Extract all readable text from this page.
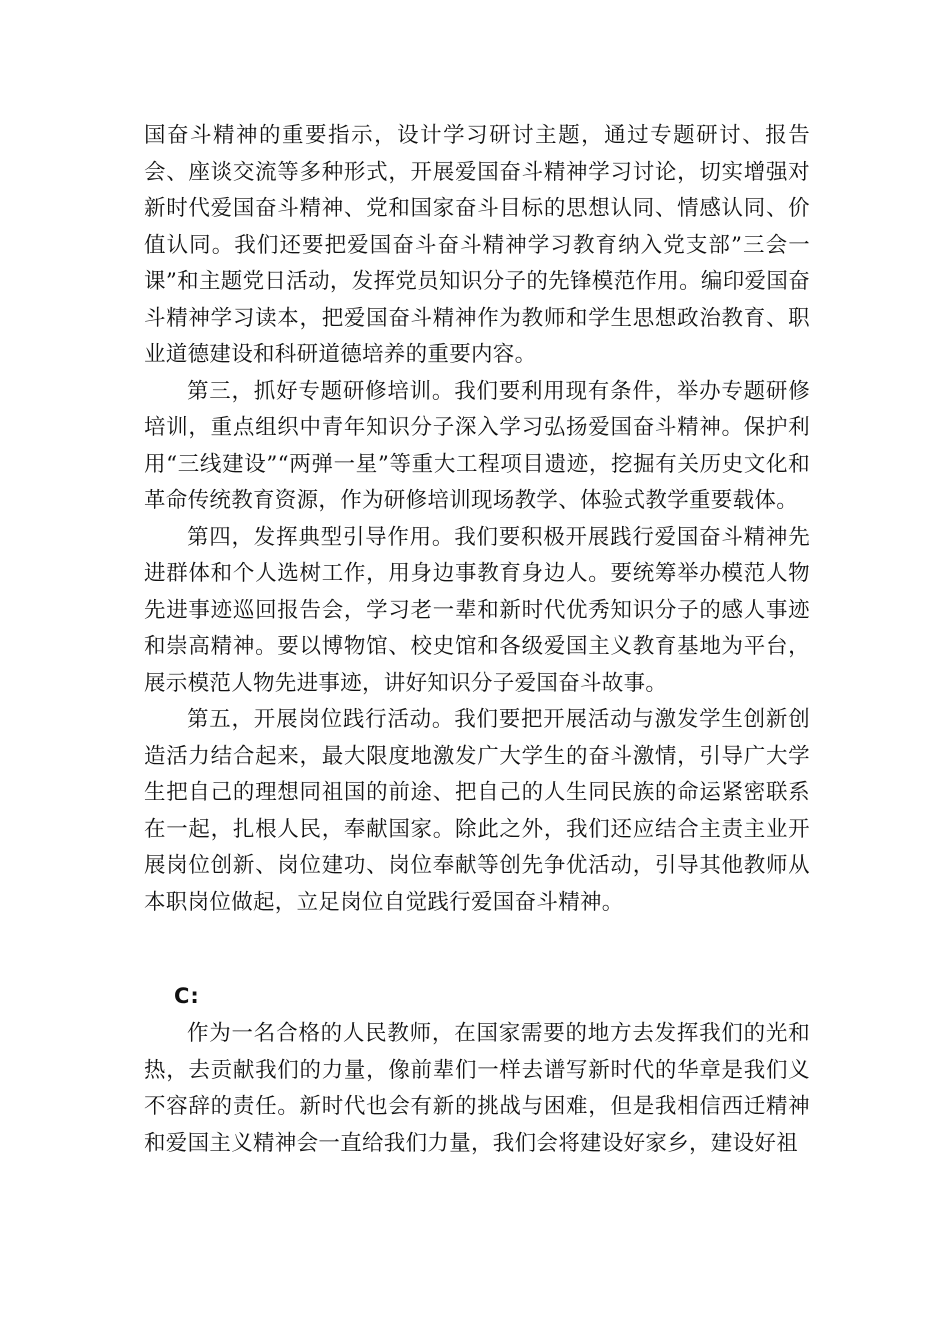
国奋斗精神的重要指示，设计学习研讨主题，通过专题研讨、报告会、座谈交流等多种形式，开展爱国奋斗精神学习讨论，切实增强对新时代爱国奋斗精神、党和国家奋斗目标的思想认同、情感认同、价值认同。我们还要把爱国奋斗奋斗精神学习教育纳入党支部”三会一课”和主题党日活动，发挥党员知识分子的先锋模范作用。编印爱国奋斗精神学习读本，把爱国奋斗精神作为教师和学生思想政治教育、职业道德建设和科研道德培养的重要内容。

第三，抓好专题研修培训。我们要利用现有条件，举办专题研修培训，重点组织中青年知识分子深入学习弘扬爱国奋斗精神。保护利用“三线建设”“两弹一星”等重大工程项目遗迹，挖掘有关历史文化和革命传统教育资源，作为研修培训现场教学、体验式教学重要载体。

第四，发挥典型引导作用。我们要积极开展践行爱国奋斗精神先进群体和个人选树工作，用身边事教育身边人。要统筹举办模范人物先进事迹巡回报告会，学习老一辈和新时代优秀知识分子的感人事迹和崇高精神。要以博物馆、校史馆和各级爱国主义教育基地为平台，展示模范人物先进事迹，讲好知识分子爱国奋斗故事。

第五，开展岗位践行活动。我们要把开展活动与激发学生创新创造活力结合起来，最大限度地激发广大学生的奋斗激情，引导广大学生把自己的理想同祖国的前途、把自己的人生同民族的命运紧密联系在一起，扎根人民，奉献国家。除此之外，我们还应结合主责主业开展岗位创新、岗位建功、岗位奉献等创先争优活动，引导其他教师从本职岗位做起，立足岗位自觉践行爱国奋斗精神。

C:

作为一名合格的人民教师，在国家需要的地方去发挥我们的光和热，去贡献我们的力量，像前辈们一样去谱写新时代的华章是我们义不容辞的责任。新时代也会有新的挑战与困难，但是我相信西迁精神和爱国主义精神会一直给我们力量，我们会将建设好家乡，建设好祖
